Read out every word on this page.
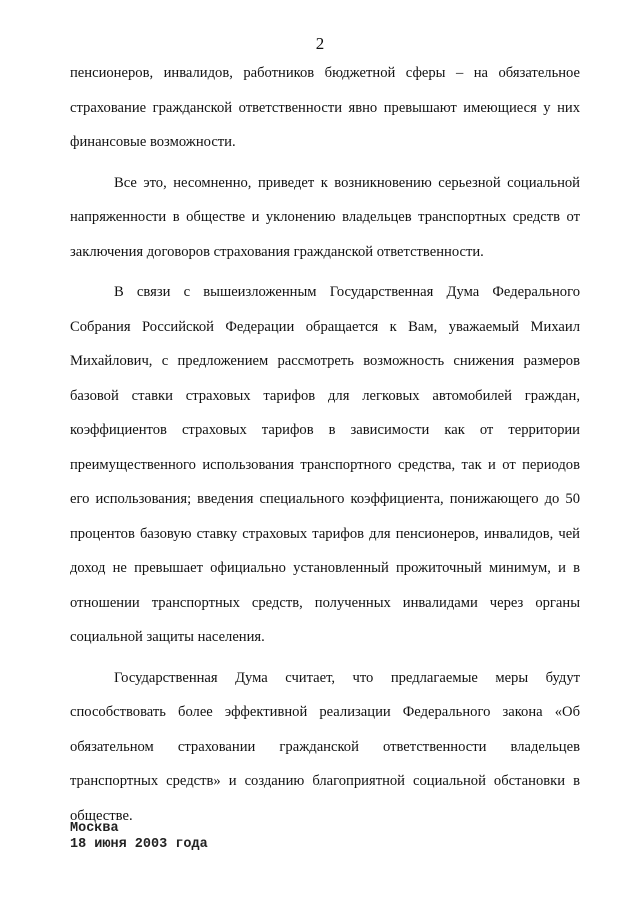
2

пенсионеров, инвалидов, работников бюджетной сферы – на обязательное страхование гражданской ответственности явно превышают имеющиеся у них финансовые возможности.

Все это, несомненно, приведет к возникновению серьезной социальной напряженности в обществе и уклонению владельцев транспортных средств от заключения договоров страхования гражданской ответственности.

В связи с вышеизложенным Государственная Дума Федерального Собрания Российской Федерации обращается к Вам, уважаемый Михаил Михайлович, с предложением рассмотреть возможность снижения размеров базовой ставки страховых тарифов для легковых автомобилей граждан, коэффициентов страховых тарифов в зависимости как от территории преимущественного использования транспортного средства, так и от периодов его использования; введения специального коэффициента, понижающего до 50 процентов базовую ставку страховых тарифов для пенсионеров, инвалидов, чей доход не превышает официально установленный прожиточный минимум, и в отношении транспортных средств, полученных инвалидами через органы социальной защиты населения.

Государственная Дума считает, что предлагаемые меры будут способствовать более эффективной реализации Федерального закона «Об обязательном страховании гражданской ответственности владельцев транспортных средств» и созданию благоприятной социальной обстановки в обществе.

Москва
18 июня 2003 года
